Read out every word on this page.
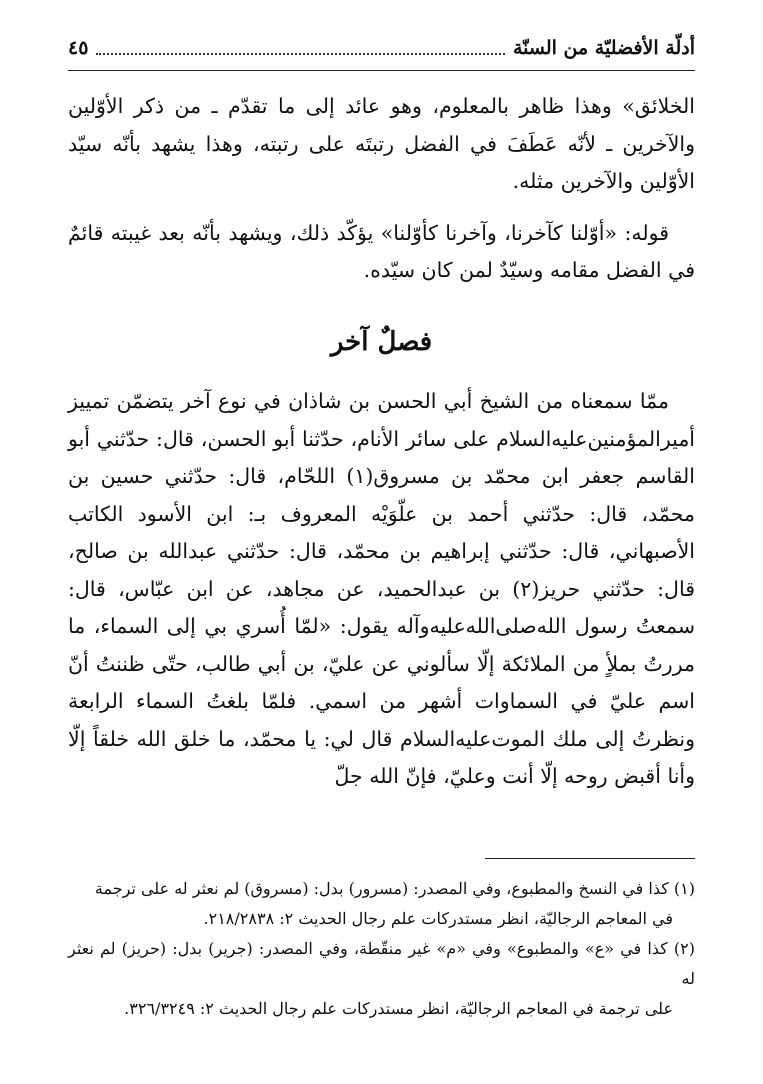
أدلّة الأفضليّة من السنّة
٤٥

الخلائق» وهذا ظاهر بالمعلوم، وهو عائد إلى ما تقدّم ـ من ذكر الأوّلين والآخرين ـ لأنّه عَطَفَ في الفضل رتبتَه على رتبته، وهذا يشهد بأنّه سيّد الأوّلين والآخرين مثله.

قوله: «أوّلنا كآخرنا، وآخرنا كأوّلنا» يؤكّد ذلك، ويشهد بأنّه بعد غيبته قائمٌ في الفضل مقامه وسيّدٌ لمن كان سيّده.

فصلٌ آخر

ممّا سمعناه من الشيخ أبي الحسن بن شاذان في نوع آخر يتضمّن تمييز أميرالمؤمنين‌عليه‌السلام على سائر الأنام، حدّثنا أبو الحسن، قال: حدّثني أبو القاسم جعفر ابن محمّد بن مسروق(١) اللحّام، قال: حدّثني حسين بن محمّد، قال: حدّثني أحمد بن علّوَيْه المعروف بـ: ابن الأسود الكاتب الأصبهاني، قال: حدّثني إبراهيم بن محمّد، قال: حدّثني عبدالله بن صالح، قال: حدّثني حريز(٢) بن عبدالحميد، عن مجاهد، عن ابن عبّاس، قال: سمعتُ رسول الله‌صلى‌الله‌عليه‌وآله يقول: «لمّا أُسري بي إلى السماء، ما مررتُ بملأٍ من الملائكة إلّا سألوني عن عليّ، بن أبي طالب، حتّى ظننتُ أنّ اسم عليّ في السماوات أشهر من اسمي. فلمّا بلغتُ السماء الرابعة ونظرتُ إلى ملك الموت‌عليه‌السلام قال لي: يا محمّد، ما خلق الله خلقاً إلّا وأنا أقبض روحه إلّا أنت وعليّ، فإنّ الله جلّ

(١) كذا في النسخ والمطبوع، وفي المصدر: (مسرور) بدل: (مسروق) لم نعثر له على ترجمة

في المعاجم الرجاليّة، انظر مستدركات علم رجال الحديث ٢: ٢١٨/٢٨٣٨.

(٢) كذا في «ع» والمطبوع» وفي «م» غير منقّطة، وفي المصدر: (جرير) بدل: (حريز) لم نعثر له

على ترجمة في المعاجم الرجاليّة، انظر مستدركات علم رجال الحديث ٢: ٣٢٦/٣٢٤٩.
